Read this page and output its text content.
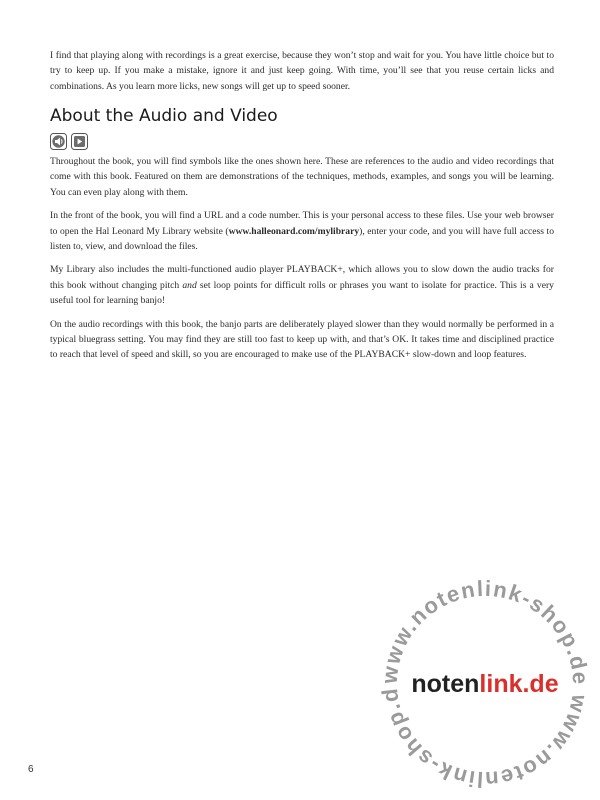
I find that playing along with recordings is a great exercise, because they won’t stop and wait for you. You have little choice but to try to keep up. If you make a mistake, ignore it and just keep going. With time, you’ll see that you reuse certain licks and combinations. As you learn more licks, new songs will get up to speed sooner.

About the Audio and Video

Throughout the book, you will find symbols like the ones shown here. These are references to the audio and video recordings that come with this book. Featured on them are demonstrations of the techniques, methods, examples, and songs you will be learning. You can even play along with them.

In the front of the book, you will find a URL and a code number. This is your personal access to these files. Use your web browser to open the Hal Leonard My Library website (www.halleonard.com/mylibrary), enter your code, and you will have full access to listen to, view, and download the files.

My Library also includes the multi-functioned audio player PLAYBACK+, which allows you to slow down the audio tracks for this book without changing pitch and set loop points for difficult rolls or phrases you want to isolate for practice. This is a very useful tool for learning banjo!

On the audio recordings with this book, the banjo parts are deliberately played slower than they would normally be performed in a typical bluegrass setting. You may find they are still too fast to keep up with, and that’s OK. It takes time and disciplined practice to reach that level of speed and skill, so you are encouraged to make use of the PLAYBACK+ slow-down and loop features.

6
www.notenlink-shop.de www.notenlink-shop.d notenlink.de
